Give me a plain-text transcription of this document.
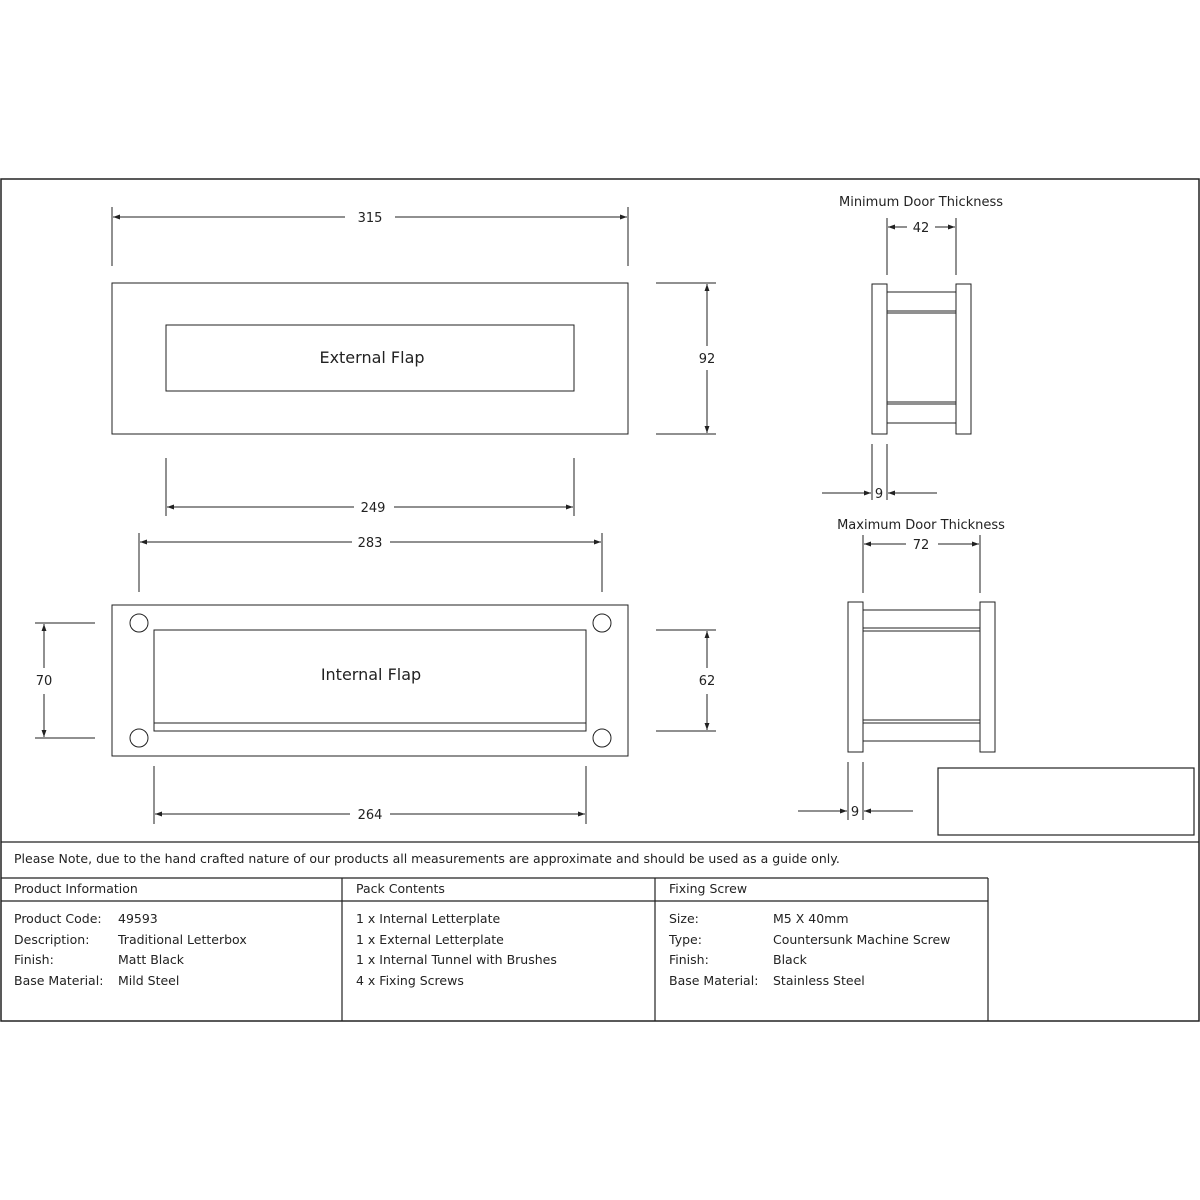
315
92
249
External Flap
283
70	62
264
Internal Flap
Minimum Door Thickness
42
9
Maximum Door Thickness
72
9
Please Note, due to the hand crafted nature of our products all measurements are approximate and should be used as a guide only.
Product Information	Pack Contents	Fixing Screw
Product Code:	49593
Description:	Traditional Letterbox
Finish:	Matt Black
Base Material:	Mild Steel
1 x Internal Letterplate
1 x External Letterplate
1 x Internal Tunnel with Brushes
4 x Fixing Screws
Size:	M5 X 40mm
Type:	Countersunk Machine Screw
Finish:	Black
Base Material:	Stainless Steel
